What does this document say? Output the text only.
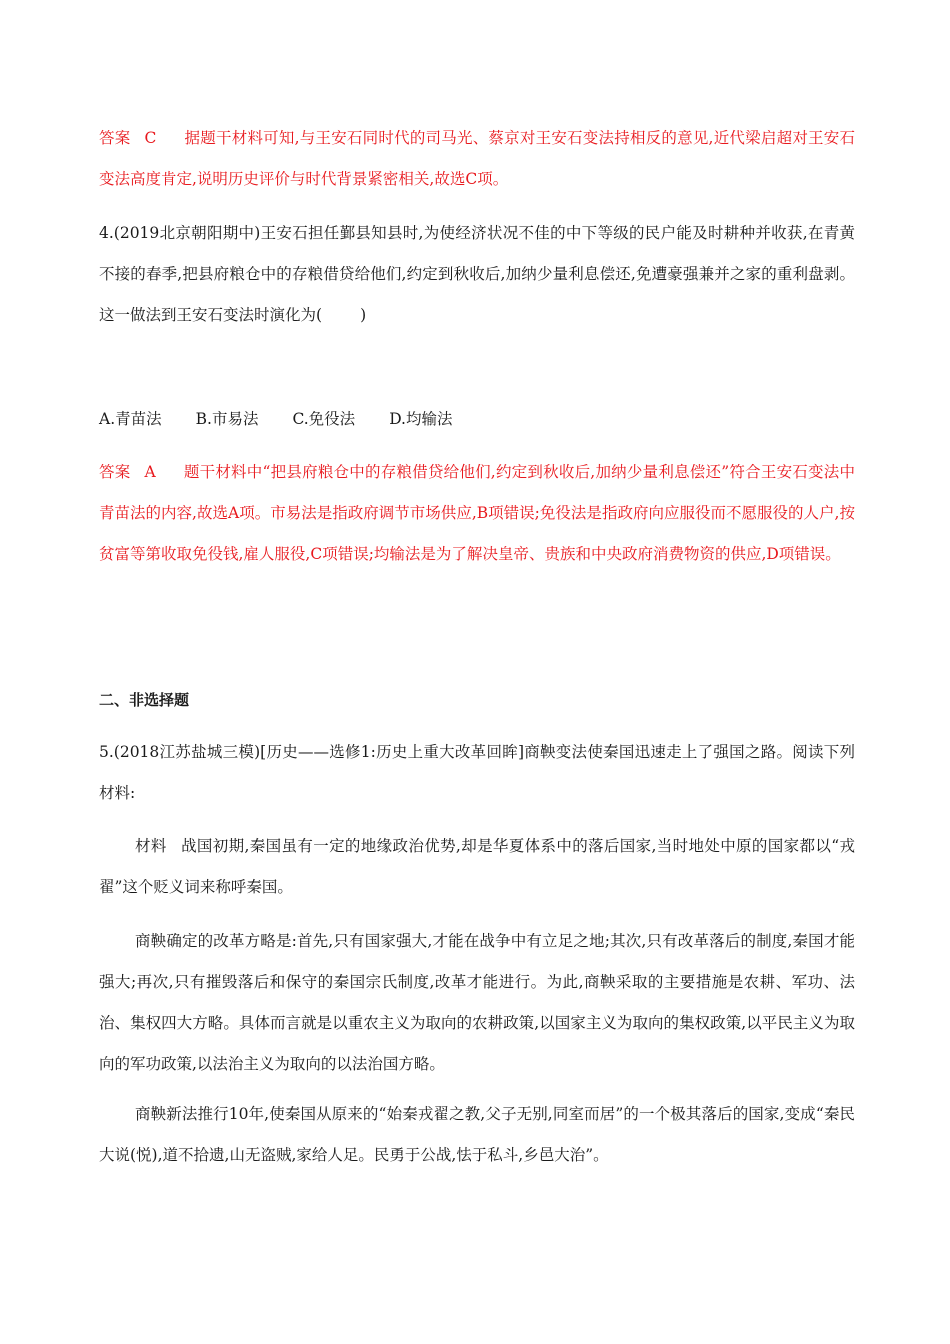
答案 C 据题干材料可知,与王安石同时代的司马光、蔡京对王安石变法持相反的意见,近代梁启超对王安石变法高度肯定,说明历史评价与时代背景紧密相关,故选C项。

4.(2019北京朝阳期中)王安石担任鄞县知县时,为使经济状况不佳的中下等级的民户能及时耕种并收获,在青黄不接的春季,把县府粮仓中的存粮借贷给他们,约定到秋收后,加纳少量利息偿还,免遭豪强兼并之家的重利盘剥。这一做法到王安石变法时演化为( )

A.青苗法 B.市易法 C.免役法 D.均输法

答案 A 题干材料中“把县府粮仓中的存粮借贷给他们,约定到秋收后,加纳少量利息偿还”符合王安石变法中青苗法的内容,故选A项。市易法是指政府调节市场供应,B项错误;免役法是指政府向应服役而不愿服役的人户,按贫富等第收取免役钱,雇人服役,C项错误;均输法是为了解决皇帝、贵族和中央政府消费物资的供应,D项错误。

二、非选择题

5.(2018江苏盐城三模)[历史——选修1:历史上重大改革回眸]商鞅变法使秦国迅速走上了强国之路。阅读下列材料:

材料 战国初期,秦国虽有一定的地缘政治优势,却是华夏体系中的落后国家,当时地处中原的国家都以“戎翟”这个贬义词来称呼秦国。

商鞅确定的改革方略是:首先,只有国家强大,才能在战争中有立足之地;其次,只有改革落后的制度,秦国才能强大;再次,只有摧毁落后和保守的秦国宗氏制度,改革才能进行。为此,商鞅采取的主要措施是农耕、军功、法治、集权四大方略。具体而言就是以重农主义为取向的农耕政策,以国家主义为取向的集权政策,以平民主义为取向的军功政策,以法治主义为取向的以法治国方略。

商鞅新法推行10年,使秦国从原来的“始秦戎翟之教,父子无别,同室而居”的一个极其落后的国家,变成“秦民大说(悦),道不拾遗,山无盗贼,家给人足。民勇于公战,怯于私斗,乡邑大治”。
